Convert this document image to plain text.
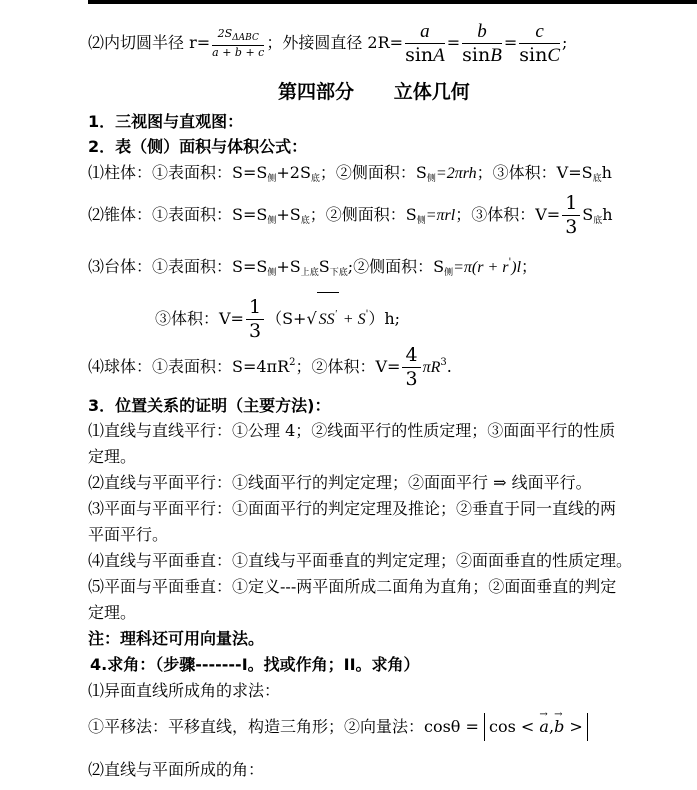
⑵内切圆半径 $r= \frac{2S_{\Delta ABC}}{a + b + c}$ ；外接圆直径 $2R= \frac{a}{\sin A} = \frac{b}{\sin B} = \frac{c}{\sin C}$ ;
第四部分      立体几何
1．三视图与直观图：
2．表（侧）面积与体积公式：
⑴柱体：①表面积：$S=S_侧+2S_底$；②侧面积：$S_侧=2\pi rh$；③体积：$V=S_底h$
⑵锥体：①表面积：$S=S_侧+S_底$；②侧面积：$S_侧=\pi rl$；③体积：$V= \frac{1}{3} S_底h$
⑶台体：①表面积：$S=S_侧+S_{上底}S_{下底};②$侧面积：$S_侧=\pi(r + r')l$；
③体积：$V= \frac{1}{3} (S+√$ SS' + S'）h;
⑷球体：①表面积：$S=4\pi R^2$；②体积：$V= \frac{4}{3} \pi R^3$.
3．位置关系的证明（主要方法)：
⑴直线与直线平行：①公理 4；②线面平行的性质定理；③面面平行的性质
定理。
⑵直线与平面平行：①线面平行的判定定理；②面面平行 ⇒ 线面平行。
⑶平面与平面平行：①面面平行的判定定理及推论；②垂直于同一直线的两
平面平行。
⑷直线与平面垂直：①直线与平面垂直的判定定理；②面面垂直的性质定理。
⑸平面与平面垂直：①定义---两平面所成二面角为直角；②面面垂直的判定
定理。
注：理科还可用向量法。
4.求角：（步骤-------I。找或作角；II。求角）
⑴异面直线所成角的求法：
①平移法：平移直线，构造三角形；②向量法：cosθ = cos < a →,b → >
⑵直线与平面所成的角：
